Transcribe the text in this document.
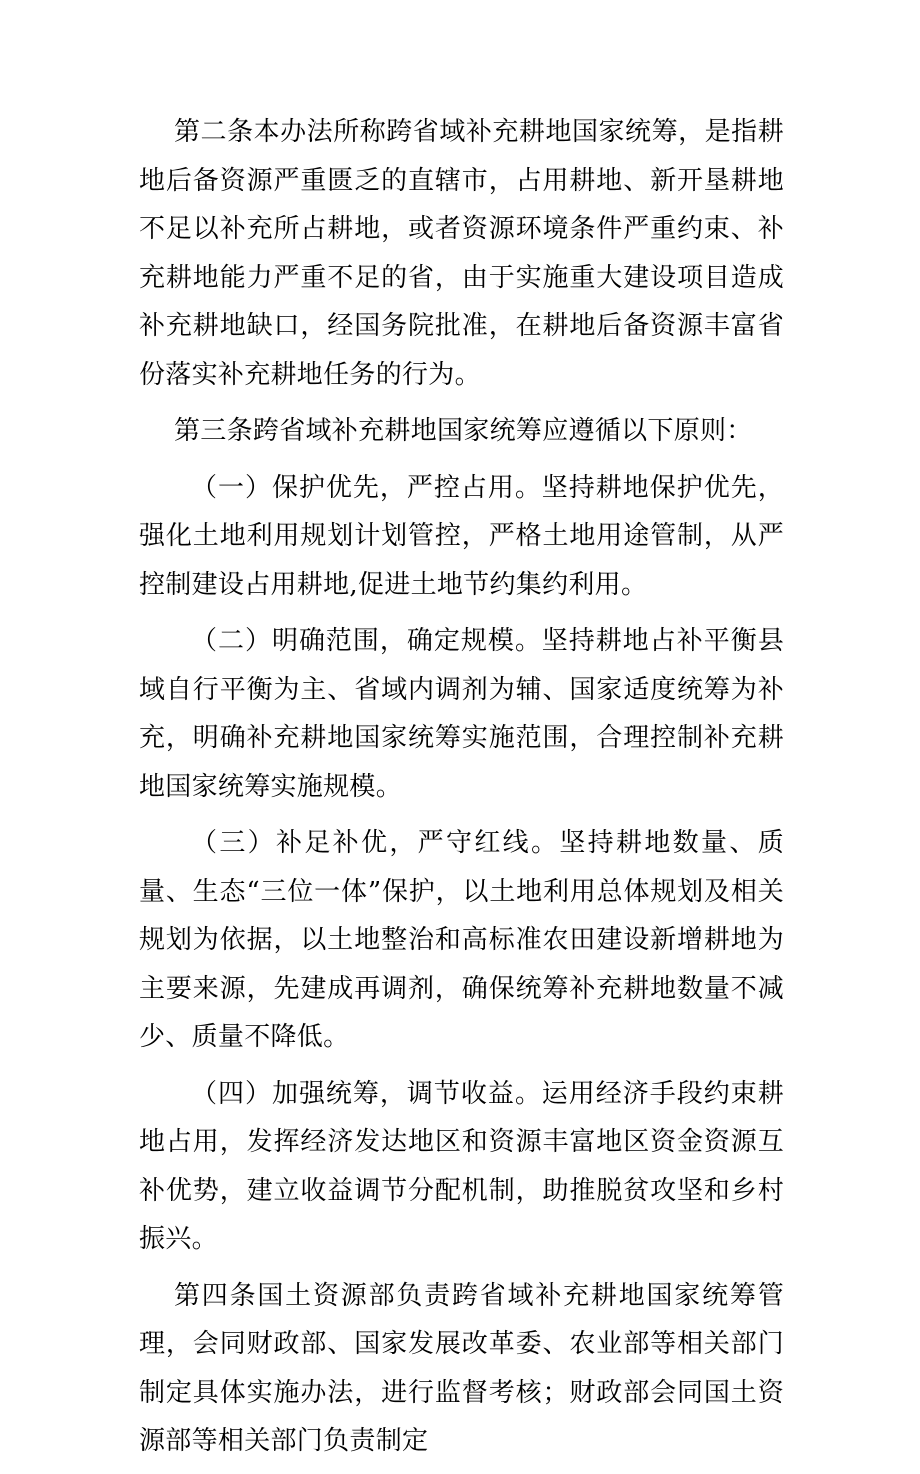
第二条本办法所称跨省域补充耕地国家统筹，是指耕地后备资源严重匮乏的直辖市，占用耕地、新开垦耕地不足以补充所占耕地，或者资源环境条件严重约束、补充耕地能力严重不足的省，由于实施重大建设项目造成补充耕地缺口，经国务院批准，在耕地后备资源丰富省份落实补充耕地任务的行为。

第三条跨省域补充耕地国家统筹应遵循以下原则：

（一）保护优先，严控占用。坚持耕地保护优先，强化土地利用规划计划管控，严格土地用途管制，从严控制建设占用耕地,促进土地节约集约利用。

（二）明确范围，确定规模。坚持耕地占补平衡县域自行平衡为主、省域内调剂为辅、国家适度统筹为补充，明确补充耕地国家统筹实施范围，合理控制补充耕地国家统筹实施规模。

（三）补足补优，严守红线。坚持耕地数量、质量、生态“三位一体”保护，以土地利用总体规划及相关规划为依据，以土地整治和高标准农田建设新增耕地为主要来源，先建成再调剂，确保统筹补充耕地数量不减少、质量不降低。

（四）加强统筹，调节收益。运用经济手段约束耕地占用，发挥经济发达地区和资源丰富地区资金资源互补优势，建立收益调节分配机制，助推脱贫攻坚和乡村振兴。

第四条国土资源部负责跨省域补充耕地国家统筹管理，会同财政部、国家发展改革委、农业部等相关部门制定具体实施办法，进行监督考核；财政部会同国土资源部等相关部门负责制定
